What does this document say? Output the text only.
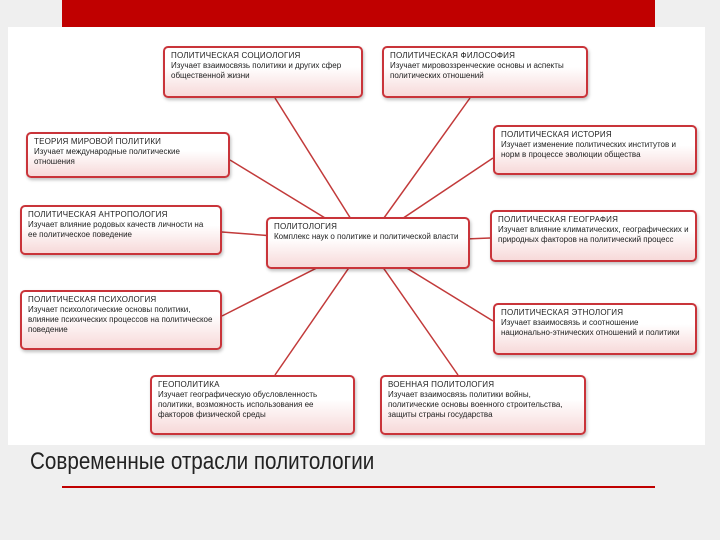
ПОЛИТИЧЕСКАЯ СОЦИОЛОГИЯ
Изучает взаимосвязь политики и других сфер общественной жизни
ПОЛИТИЧЕСКАЯ ФИЛОСОФИЯ
Изучает мировоззренческие основы и аспекты политических отношений
ТЕОРИЯ МИРОВОЙ ПОЛИТИКИ
Изучает международные политические отношения
ПОЛИТИЧЕСКАЯ ИСТОРИЯ
Изучает изменение политических институтов и норм в процессе эволюции общества
ПОЛИТИЧЕСКАЯ АНТРОПОЛОГИЯ
Изучает влияние родовых качеств личности на ее политическое поведение
ПОЛИТОЛОГИЯ
Комплекс наук о политике и политической власти
ПОЛИТИЧЕСКАЯ ГЕОГРАФИЯ
Изучает влияние климатических, географических и природных факторов на политический процесс
ПОЛИТИЧЕСКАЯ ПСИХОЛОГИЯ
Изучает психологические основы политики, влияние психических процессов на политическое поведение
ПОЛИТИЧЕСКАЯ ЭТНОЛОГИЯ
Изучает взаимосвязь и соотношение национально-этнических отношений и политики
ГЕОПОЛИТИКА
Изучает географическую обусловленность политики, возможность использования ее факторов физической среды
ВОЕННАЯ ПОЛИТОЛОГИЯ
Изучает взаимосвязь политики войны, политические основы военного строительства, защиты страны государства
Современные отрасли политологии
